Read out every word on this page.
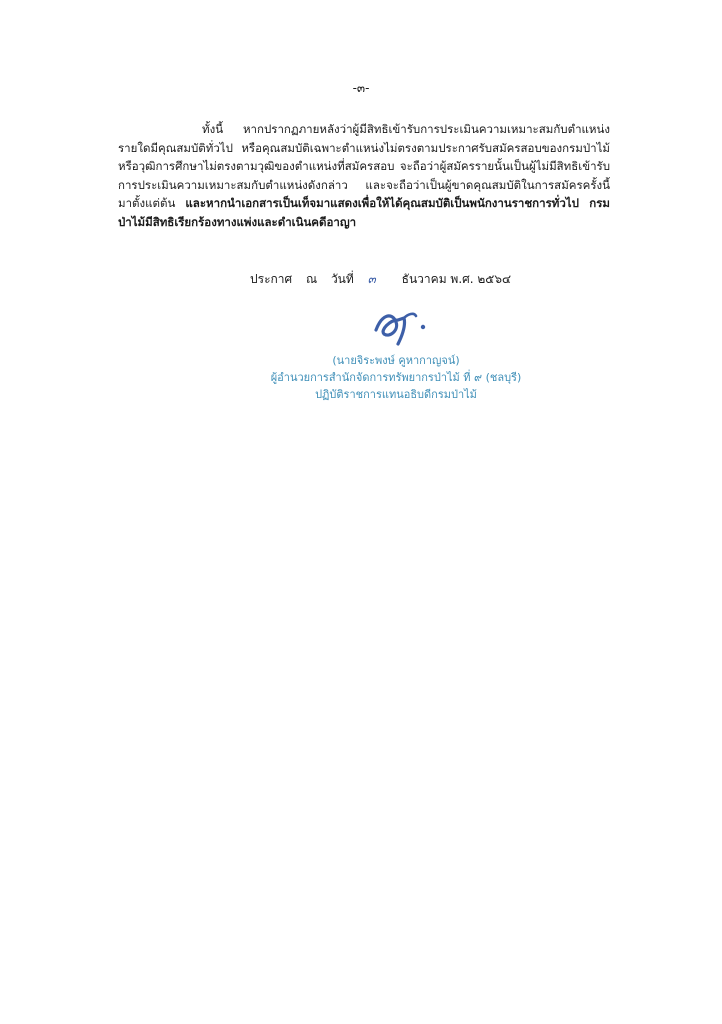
-๓-
ทั้งนี้ หากปรากฏภายหลังว่าผู้มีสิทธิเข้ารับการประเมินความเหมาะสมกับตำแหน่ง รายใดมีคุณสมบัติทั่วไป หรือคุณสมบัติเฉพาะตำแหน่งไม่ตรงตามประกาศรับสมัครสอบของกรมป่าไม้ หรือวุฒิการศึกษาไม่ตรงตามวุฒิของตำแหน่งที่สมัครสอบ จะถือว่าผู้สมัครรายนั้นเป็นผู้ไม่มีสิทธิเข้ารับการประเมินความเหมาะสมกับตำแหน่งดังกล่าว และจะถือว่าเป็นผู้ขาดคุณสมบัติในการสมัครครั้งนี้มาตั้งแต่ต้น และหากนำเอกสารเป็นเท็จมาแสดงเพื่อให้ได้คุณสมบัติเป็นพนักงานราชการทั่วไป กรมป่าไม้มีสิทธิเรียกร้องทางแพ่งและดำเนินคดีอาญา
ประกาศ ณ วันที่ ๓ ธันวาคม พ.ศ. ๒๕๖๔
(นายจิระพงษ์ คูหากาญจน์)
ผู้อำนวยการสำนักจัดการทรัพยากรป่าไม้ ที่ ๙ (ชลบุรี)
ปฏิบัติราชการแทนอธิบดีกรมป่าไม้
